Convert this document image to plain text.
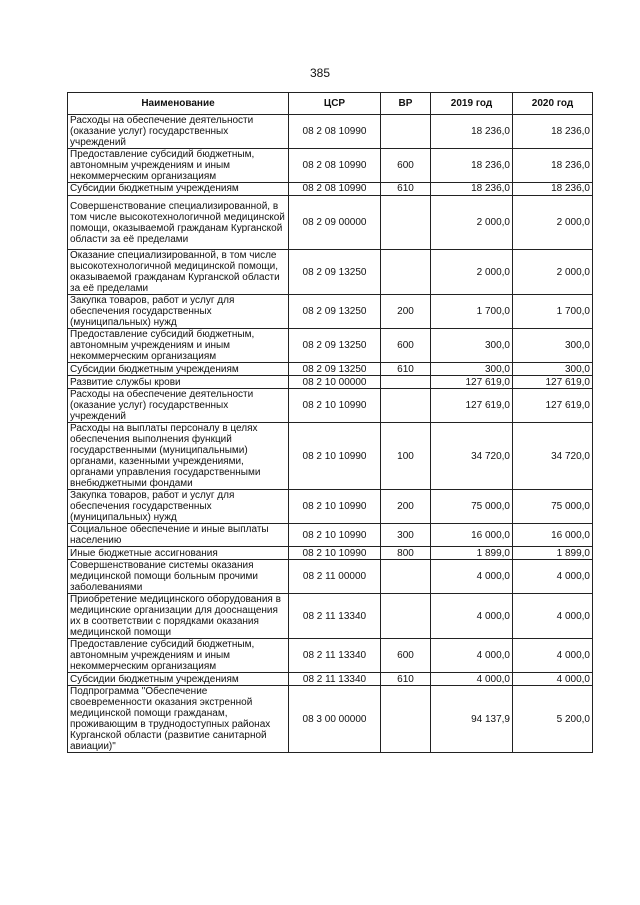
385
Наименование	ЦСР	ВР	2019 год	2020 год
Расходы на обеспечение деятельности (оказание услуг) государственных учреждений	08 2 08 10990		18 236,0	18 236,0
Предоставление субсидий бюджетным, автономным учреждениям и иным некоммерческим организациям	08 2 08 10990	600	18 236,0	18 236,0
Субсидии бюджетным учреждениям	08 2 08 10990	610	18 236,0	18 236,0
Совершенствование специализированной, в том числе высокотехнологичной медицинской помощи, оказываемой гражданам Курганской области за её пределами	08 2 09 00000		2 000,0	2 000,0
Оказание специализированной, в том числе высокотехнологичной медицинской помощи, оказываемой гражданам Курганской области за её пределами	08 2 09 13250		2 000,0	2 000,0
Закупка товаров, работ и услуг для обеспечения государственных (муниципальных) нужд	08 2 09 13250	200	1 700,0	1 700,0
Предоставление субсидий бюджетным, автономным учреждениям и иным некоммерческим организациям	08 2 09 13250	600	300,0	300,0
Субсидии бюджетным учреждениям	08 2 09 13250	610	300,0	300,0
Развитие службы крови	08 2 10 00000		127 619,0	127 619,0
Расходы на обеспечение деятельности (оказание услуг) государственных учреждений	08 2 10 10990		127 619,0	127 619,0
Расходы на выплаты персоналу в целях обеспечения выполнения функций государственными (муниципальными) органами, казенными учреждениями, органами управления государственными внебюджетными фондами	08 2 10 10990	100	34 720,0	34 720,0
Закупка товаров, работ и услуг для обеспечения государственных (муниципальных) нужд	08 2 10 10990	200	75 000,0	75 000,0
Социальное обеспечение и иные выплаты населению	08 2 10 10990	300	16 000,0	16 000,0
Иные бюджетные ассигнования	08 2 10 10990	800	1 899,0	1 899,0
Совершенствование системы оказания медицинской помощи больным прочими заболеваниями	08 2 11 00000		4 000,0	4 000,0
Приобретение медицинского оборудования в медицинские организации для дооснащения их в соответствии с порядками оказания медицинской помощи	08 2 11 13340		4 000,0	4 000,0
Предоставление субсидий бюджетным, автономным учреждениям и иным некоммерческим организациям	08 2 11 13340	600	4 000,0	4 000,0
Субсидии бюджетным учреждениям	08 2 11 13340	610	4 000,0	4 000,0
Подпрограмма "Обеспечение своевременности оказания экстренной медицинской помощи гражданам, проживающим в труднодоступных районах Курганской области (развитие санитарной авиации)"	08 3 00 00000		94 137,9	5 200,0
